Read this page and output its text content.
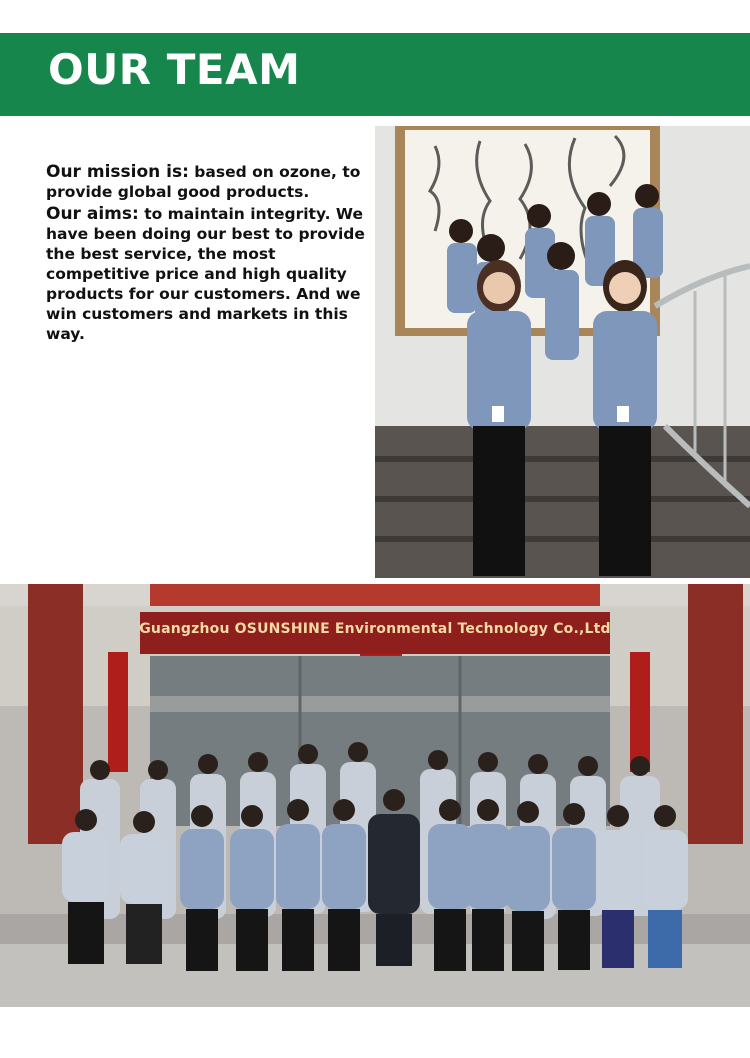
OUR TEAM

Our mission is: based on ozone, to provide global good products.

Our aims: to maintain integrity. We have been doing our best to provide the best service, the most competitive price and high quality products for our customers. And we win customers and markets in this way.

Guangzhou OSUNSHINE Environmental Technology Co.,Ltd
